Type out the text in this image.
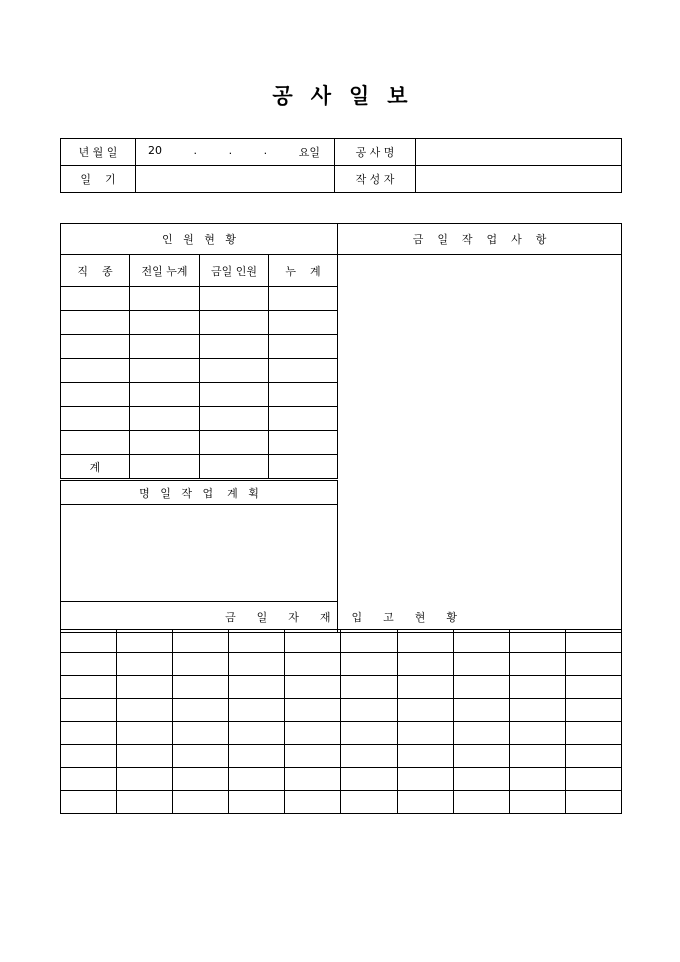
공 사 일 보
년 월 일	20 . . . 요일	공 사 명	
일    기		작 성 자	
인   원   현   황				금    일    작    업    사    항
직    종	전일 누계	금일 인원	누    계	

계				
명   일   작   업    계   획				

금      일      자      재      입      고      현      황				
